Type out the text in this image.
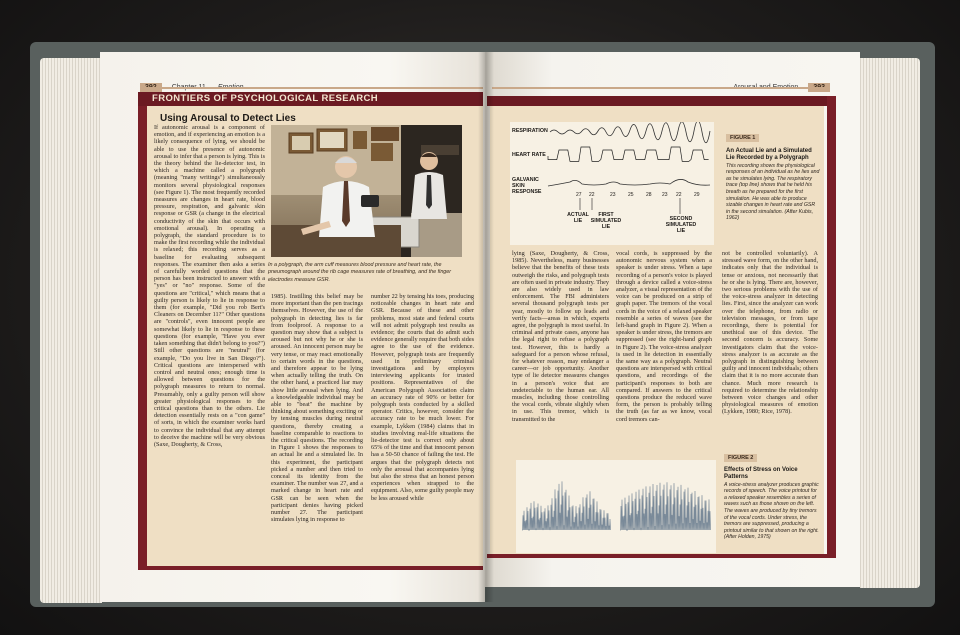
FRONTIERS OF PSYCHOLOGICAL RESEARCH
Using Arousal to Detect Lies
In a polygraph, the arm cuff measures blood pressure and heart rate, the pneumograph around the rib cage measures rate of breathing, and the finger electrodes measure GSR.
If autonomic arousal is a component of emotion, and if experiencing an emotion is a likely consequence of lying, we should be able to use the presence of autonomic arousal to infer that a person is lying. This is the theory behind the lie-detector test, in which a machine called a polygraph (meaning "many writings") simultaneously monitors several physiological responses (see Figure 1). The most frequently recorded measures are changes in heart rate, blood pressure, respiration, and galvanic skin response or GSR (a change in the electrical conductivity of the skin that occurs with emotional arousal). In operating a polygraph, the standard procedure is to make the first recording while the individual is relaxed; this recording serves as a baseline for evaluating subsequent responses. The examiner then asks a series of carefully worded questions that the person has been instructed to answer with a "yes" or "no" response. Some of the questions are "critical," which means that a guilty person is likely to lie in response to them (for example, "Did you rob Bert's Cleaners on December 11?" Other questions are "controls", even innocent people are somewhat likely to lie in response to these questions (for example, "Have you ever taken something that didn't belong to you?") Still other questions are "neutral" (for example, "Do you live in San Diego?"). Critical questions are interspersed with control and neutral ones; enough time is allowed between questions for the polygraph measures to return to normal. Presumably, only a guilty person will show greater physiological responses to the critical questions than to the others. Lie detection essentially rests on a "con game" of sorts, in which the examiner works hard to convince the individual that any attempt to deceive the machine will be very obvious (Saxe, Dougherty, & Cross,
1985). Instilling this belief may be more important than the pen tracings themselves. However, the use of the polygraph in detecting lies is far from foolproof. A response to a question may show that a subject is aroused but not why he or she is aroused. An innocent person may be very tense, or may react emotionally to certain words in the questions, and therefore appear to be lying when actually telling the truth. On the other hand, a practiced liar may show little arousal when lying. And a knowledgeable individual may be able to "beat" the machine by thinking about something exciting or by tensing muscles during neutral questions, thereby creating a baseline comparable to reactions to the critical questions. The recording in Figure 1 shows the responses to an actual lie and a simulated lie. In this experiment, the participant picked a number and then tried to conceal its identity from the examiner. The number was 27, and a marked change in heart rate and GSR can be seen when the participant denies having picked number 27. The participant simulates lying in response to
number 22 by tensing his toes, producing noticeable changes in heart rate and GSR. Because of these and other problems, most state and federal courts will not admit polygraph test results as evidence; the courts that do admit such evidence generally require that both sides agree to the use of the evidence. However, polygraph tests are frequently used in preliminary criminal investigations and by employers interviewing applicants for trusted positions. Representatives of the American Polygraph Association claim an accuracy rate of 90% or better for polygraph tests conducted by a skilled operator. Critics, however, consider the accuracy rate to be much lower. For example, Lykken (1984) claims that in studies involving real-life situations the lie-detector test is correct only about 65% of the time and that innocent person has a 50-50 chance of failing the test. He argues that the polygraph detects not only the arousal that accompanies lying but also the stress that an honest person experiences when strapped to the equipment. Also, some guilty people may be less aroused while
RESPIRATION
HEART RATE
GALVANIC SKIN RESPONSE	27 22	23 25 28 23 22 29
ACTUAL LIE
FIRST SIMULATED LIE
SECOND SIMULATED LIE
FIGURE 1
An Actual Lie and a Simulated Lie Recorded by a Polygraph
This recording shows the physiological responses of an individual as he lies and as he simulates lying. The respiratory trace (top line) shows that he held his breath as he prepared for the first simulation. He was able to produce sizable changes in heart rate and GSR in the second simulation. (After Kubis, 1962)
lying (Saxe, Dougherty, & Cross, 1985). Nevertheless, many businesses believe that the benefits of these tests outweigh the risks, and polygraph tests are often used in private industry. They are also widely used in law enforcement. The FBI administers several thousand polygraph tests per year, mostly to follow up leads and verify facts—areas in which, experts agree, the polygraph is most useful. In criminal and private cases, anyone has the legal right to refuse a polygraph test. However, this is hardly a safeguard for a person whose refusal, for whatever reason, may endanger a career—or job opportunity. Another type of lie detector measures changes in a person's voice that are undetectable to the human ear. All muscles, including those controlling the vocal cords, vibrate slightly when in use. This tremor, which is transmitted to the
vocal cords, is suppressed by the autonomic nervous system when a speaker is under stress. When a tape recording of a person's voice is played through a device called a voice-stress analyzer, a visual representation of the voice can be produced on a strip of graph paper. The tremors of the vocal cords in the voice of a relaxed speaker resemble a series of waves (see the left-hand graph in Figure 2). When a speaker is under stress, the tremors are suppressed (see the right-hand graph in Figure 2). The voice-stress analyzer is used in lie detection in essentially the same way as a polygraph. Neutral questions are interspersed with critical questions, and recordings of the participant's responses to both are compared. If answers to the critical questions produce the reduced wave form, the person is probably telling the truth (as far as we know, vocal cord tremors can-
not be controlled voluntarily). A stressed wave form, on the other hand, indicates only that the individual is tense or anxious, not necessarily that he or she is lying. There are, however, two serious problems with the use of the voice-stress analyzer in detecting lies. First, since the analyzer can work over the telephone, from radio or television messages, or from tape recordings, there is potential for unethical use of this device. The second concern is accuracy. Some investigators claim that the voice-stress analyzer is as accurate as the polygraph in distinguishing between guilty and innocent individuals; others claim that it is no more accurate than chance. Much more research is required to determine the relationship between voice changes and other physiological measures of emotion (Lykken, 1980; Rice, 1978).
FIGURE 2
Effects of Stress on Voice Patterns
A voice-stress analyzer produces graphic records of speech. The voice printout for a relaxed speaker resembles a series of waves such as those shown on the left. The waves are produced by tiny tremors of the vocal cords. Under stress, the tremors are suppressed, producing a printout similar to that shown on the right. (After Holden, 1975)
